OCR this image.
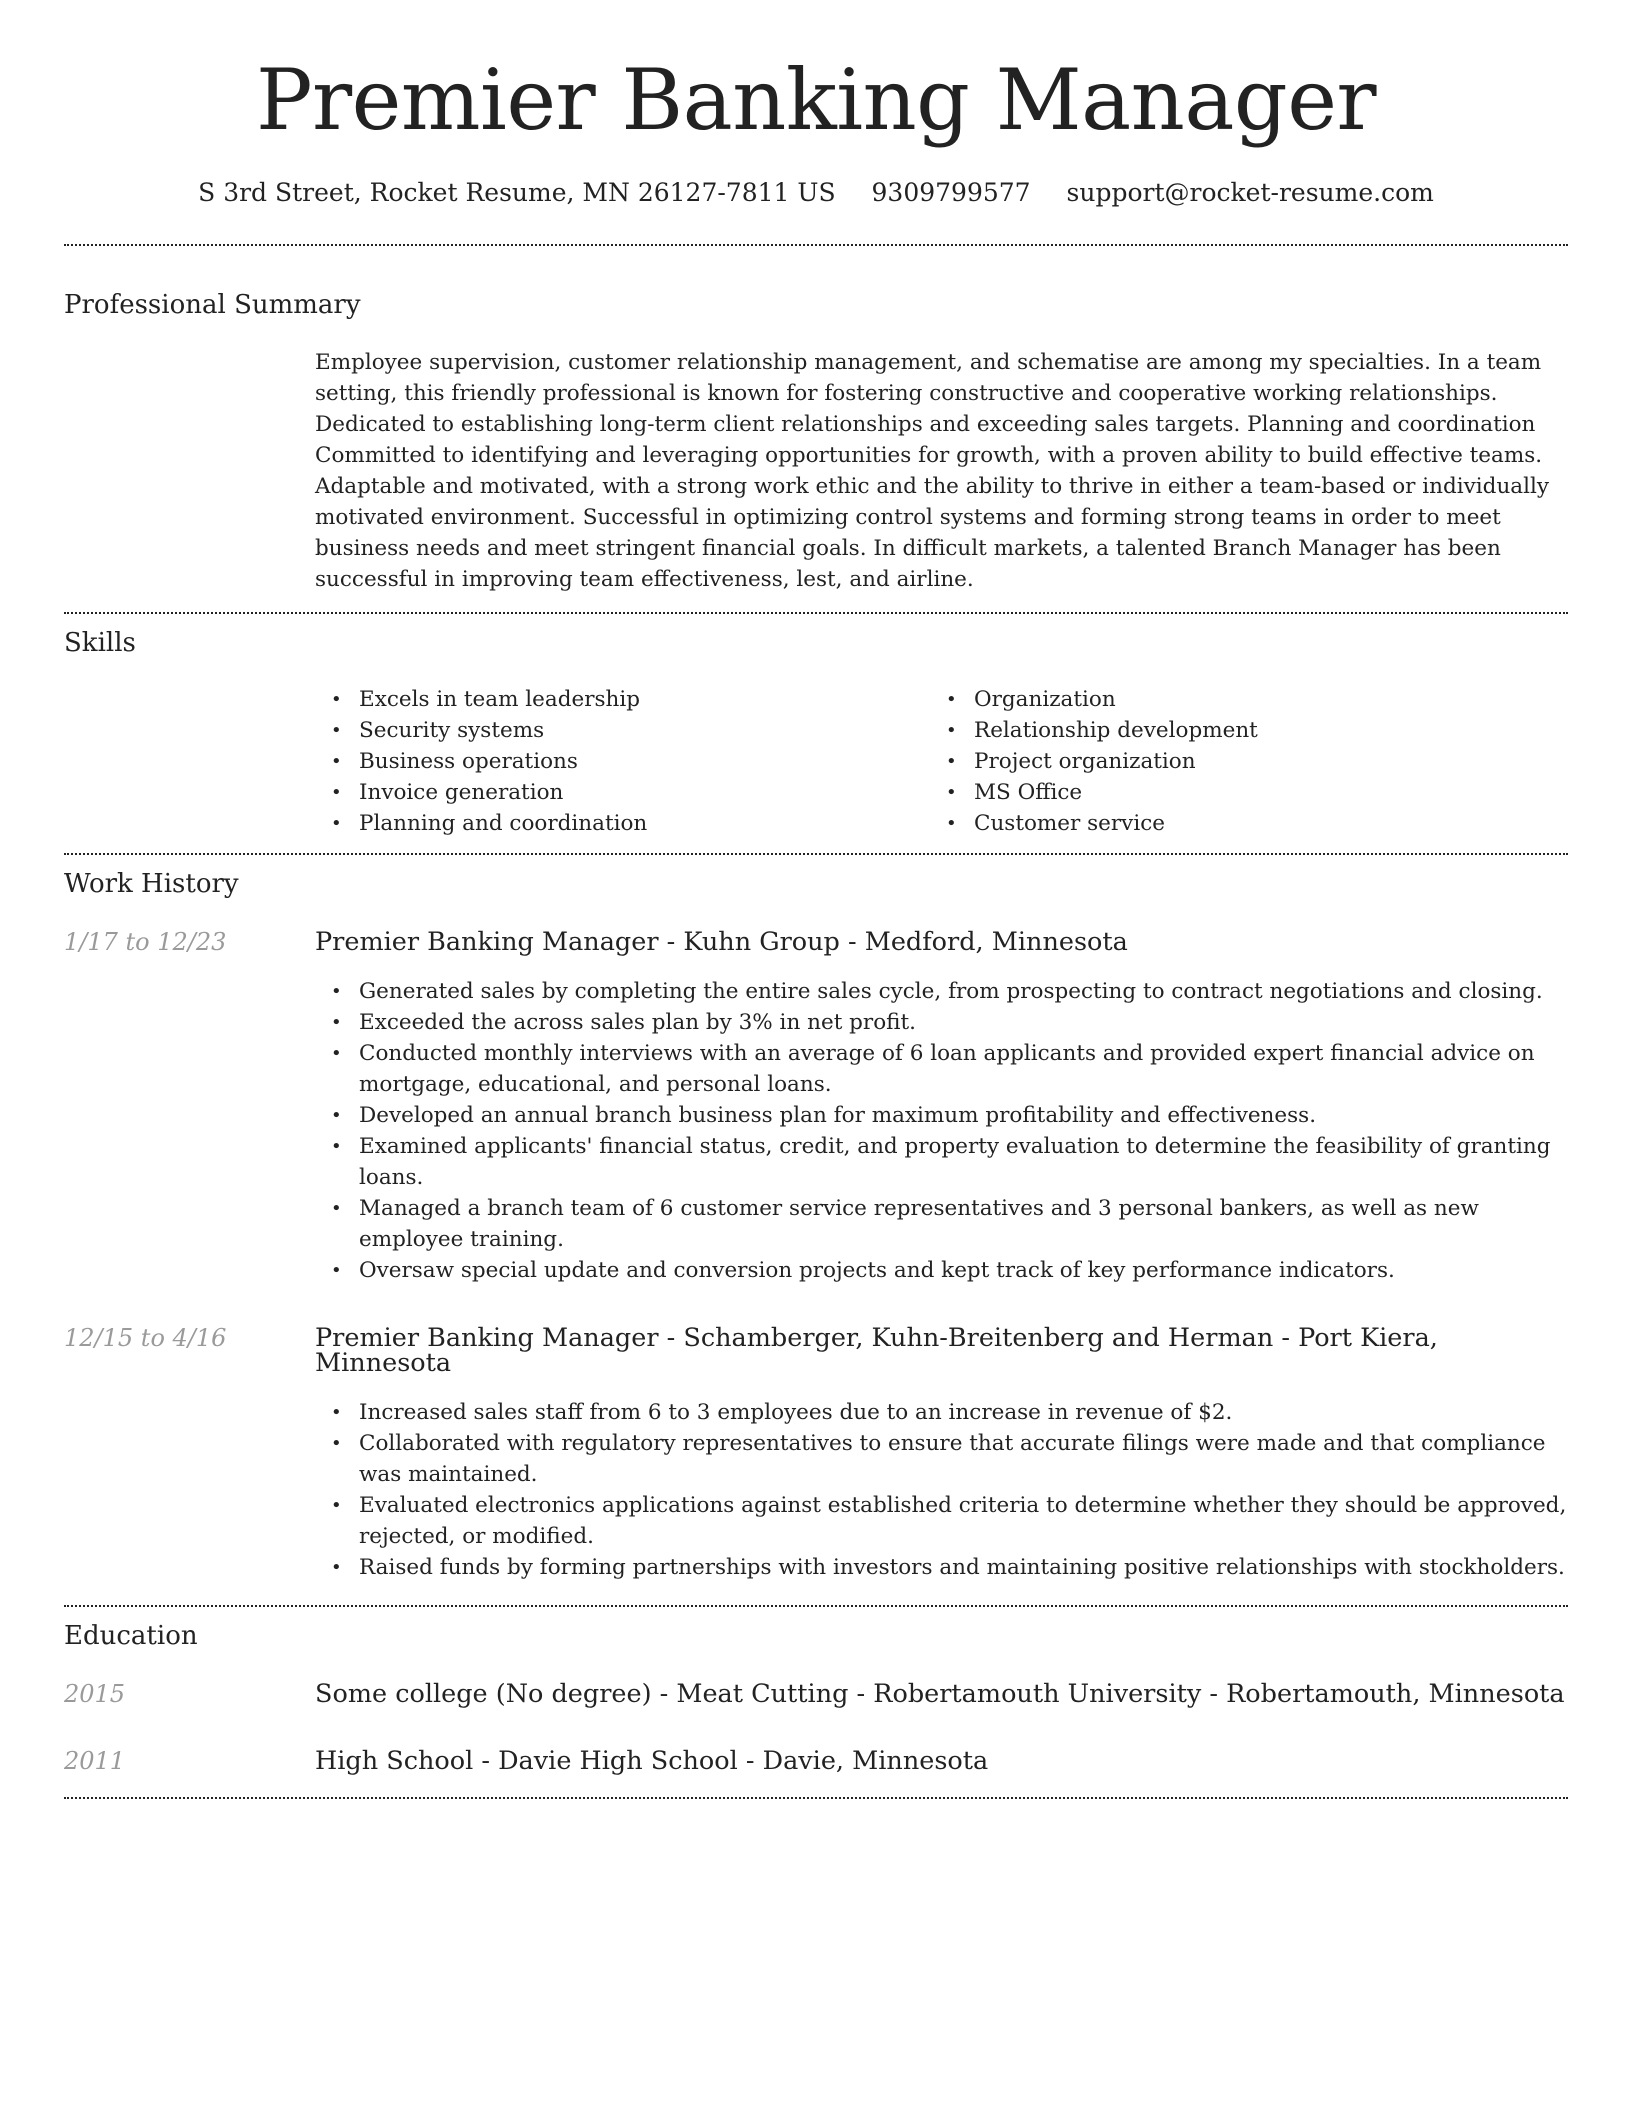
Premier Banking Manager
S 3rd Street, Rocket Resume, MN 26127-7811 US 9309799577 support@rocket-resume.com
Professional Summary
Employee supervision, customer relationship management, and schematise are among my specialties. In a team setting, this friendly professional is known for fostering constructive and cooperative working relationships. Dedicated to establishing long-term client relationships and exceeding sales targets. Planning and coordination Committed to identifying and leveraging opportunities for growth, with a proven ability to build effective teams. Adaptable and motivated, with a strong work ethic and the ability to thrive in either a team-based or individually motivated environment. Successful in optimizing control systems and forming strong teams in order to meet business needs and meet stringent financial goals. In difficult markets, a talented Branch Manager has been successful in improving team effectiveness, lest, and airline.
Skills
• Excels in team leadership
• Security systems
• Business operations
• Invoice generation
• Planning and coordination
• Organization
• Relationship development
• Project organization
• MS Office
• Customer service
Work History
1/17 to 12/23	Premier Banking Manager - Kuhn Group - Medford, Minnesota
• Generated sales by completing the entire sales cycle, from prospecting to contract negotiations and closing.
• Exceeded the across sales plan by 3% in net profit.
• Conducted monthly interviews with an average of 6 loan applicants and provided expert financial advice on mortgage, educational, and personal loans.
• Developed an annual branch business plan for maximum profitability and effectiveness.
• Examined applicants' financial status, credit, and property evaluation to determine the feasibility of granting loans.
• Managed a branch team of 6 customer service representatives and 3 personal bankers, as well as new employee training.
• Oversaw special update and conversion projects and kept track of key performance indicators.
12/15 to 4/16	Premier Banking Manager - Schamberger, Kuhn-Breitenberg and Herman - Port Kiera, Minnesota
• Increased sales staff from 6 to 3 employees due to an increase in revenue of $2.
• Collaborated with regulatory representatives to ensure that accurate filings were made and that compliance was maintained.
• Evaluated electronics applications against established criteria to determine whether they should be approved, rejected, or modified.
• Raised funds by forming partnerships with investors and maintaining positive relationships with stockholders.
Education
2015	Some college (No degree) - Meat Cutting - Robertamouth University - Robertamouth, Minnesota
2011	High School - Davie High School - Davie, Minnesota
